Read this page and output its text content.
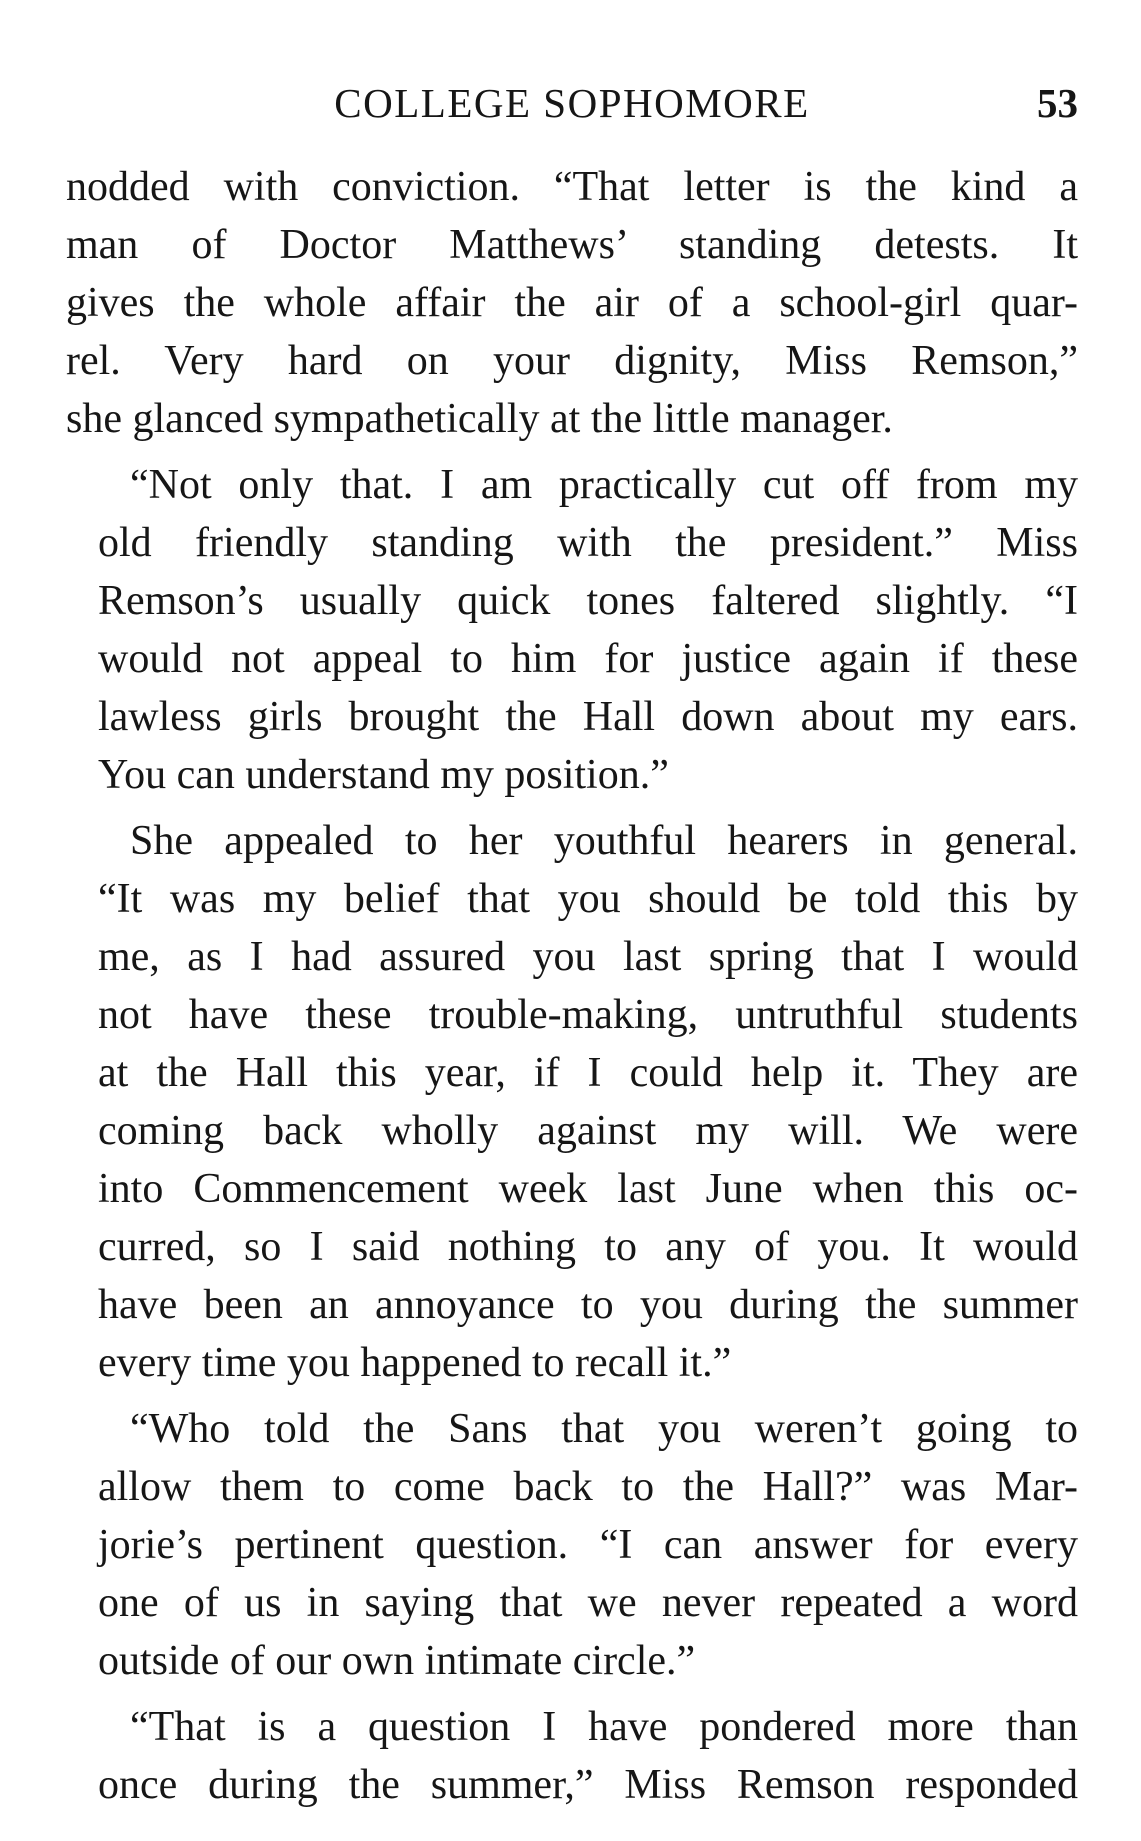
COLLEGE SOPHOMORE	53
nodded with conviction. “That letter is the kind a
man of Doctor Matthews’ standing detests. It
gives the whole affair the air of a school-girl quar-
rel. Very hard on your dignity, Miss Remson,”
she glanced sympathetically at the little manager.
“Not only that. I am practically cut off from my
old friendly standing with the president.” Miss
Remson’s usually quick tones faltered slightly. “I
would not appeal to him for justice again if these
lawless girls brought the Hall down about my ears.
You can understand my position.”
She appealed to her youthful hearers in general.
“It was my belief that you should be told this by
me, as I had assured you last spring that I would
not have these trouble-making, untruthful students
at the Hall this year, if I could help it. They are
coming back wholly against my will. We were
into Commencement week last June when this oc-
curred, so I said nothing to any of you. It would
have been an annoyance to you during the summer
every time you happened to recall it.”
“Who told the Sans that you weren’t going to
allow them to come back to the Hall?” was Mar-
jorie’s pertinent question. “I can answer for every
one of us in saying that we never repeated a word
outside of our own intimate circle.”
“That is a question I have pondered more than
once during the summer,” Miss Remson responded
